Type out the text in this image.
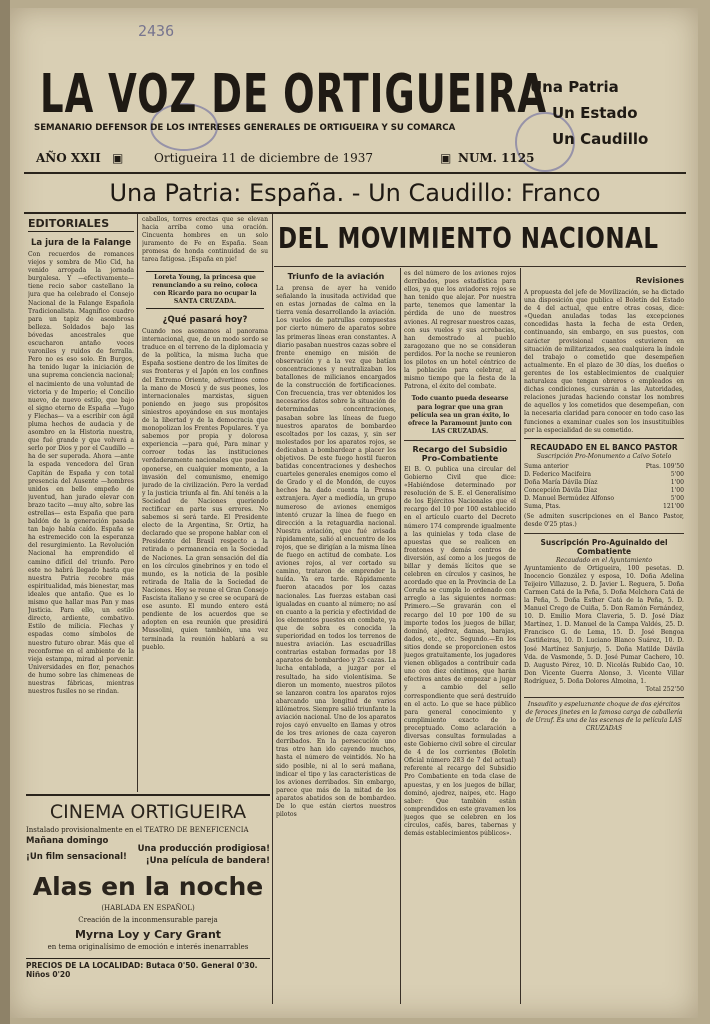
2436
LA VOZ DE ORTIGUEIRA
SEMANARIO DEFENSOR DE LOS INTERESES GENERALES DE ORTIGUEIRA Y SU COMARCA
Una Patria
Un Estado
Un Caudillo
AÑO XXII ▣	Ortigueira 11 de diciembre de 1937	▣ NUM. 1125
Una Patria: España. - Un Caudillo: Franco
EDITORIALES
La jura de la Falange
Con recuerdos de romances viejos y sombra de Mio Cid, ha venido arropada la jornada burgalesa. Y —efectivamente— tiene recio sabor castellano la jura que ha celebrado el Consejo Nacional de la Falange Española Tradicionalista. Magnífico cuadro para un tapiz de asombrosa belleza. Soldados bajo las bóvedas ancestrales que escucharon antaño voces varoniles y ruidos de ferralla. Pero no es eso solo. En Burgos, ha tenido lugar la iniciación de una suprema conciencia nacional; el nacimiento de una voluntad de victoria y de Imperio; el Concilio nuevo, de nuevo estilo, que bajo el signo eterno de España —Yugo y Flechas— va a escribir con ágil pluma hechos de audacia y de asombro en la Historia nuestra, que fué grande y que volverá a serlo por Dios y por el Caudillo —ha de ser superada. Ahora —ante la espada vencedora del Gran Capitán de España y con total presencia del Ausente —hombres unidos en bello empeño de juventud, han jurado elevar con brazo tacito —muy alto, sobre las estrellas— esta España que para baldón de la generación pasada tan bajo había caído. España se ha estremecido con la esperanza del resurgimiento. La Revolución Nacional ha emprendido el camino difícil del triunfo. Pero este no habrá llegado hasta que nuestra Patria recobre más espiritualidad, más bienestar, mas ideales que antaño. Que es lo mismo que hallar mas Pan y mas Justicia. Para ello, un estilo directo, ardiente, combativo. Estilo de milicia. Flechas y espadas como símbolos de nuestro futuro obrar. Más que el reconforme en el ambiente de la vieja estampa, mirad al porvenir. Universidades en flor, penachos de humo sobre las chimeneas de nuestras fábricas, mientras nuestros fusiles no se rindan.
caballos, torres erectas que se elevan hacia arriba como una oración. Cincuenta hombres en un solo juramento de Fe en España. Sean promesa de honda continuidad de su tarea fatigosa. ¡España en pie!
Loreta Young, la princesa que renunciando a su reino, coloca con Ricardo para no ocupar la SANTA CRUZADA.
¿Qué pasará hoy?
Cuando nos asomamos al panorama internacional, que, de un modo sordo se traduce en el terreno de la diplomacia y de la política, la misma lucha que España sostiene dentro de los límites de sus fronteras y el Japón en los confines del Extremo Oriente, advertimos como la mano de Moscú y de sus peones, los internacionales marxistas, siguen poniendo en juego sus propósitos siniestros apoyándose en sus montajes de la libertad y de la democracia que monopolizan los Frentes Populares. Y ya sabemos por propia y dolorosa experiencia —para qué, Para minar y corroer todas las instituciones verdaderamente nacionales que puedan oponerse, en cualquier momento, a la invasión del comunismo, enemigo jurado de la civilización. Pero la verdad y la justicia triunfa al fin. Ahí tenéis a la Sociedad de Naciones queriendo rectificar en parte sus errores. No sabemos si será tarde. El Presidente electo de la Argentina, Sr. Ortiz, ha declarado que se propone hablar con el Presidente del Brasil respecto a la retirada o permanencia en la Sociedad de Naciones. La gran sensación del día en los círculos ginebrinos y en todo el mundo, es la noticia de la posible retirada de Italia de la Sociedad de Naciones. Hoy se reune el Gran Consejo Fascista italiano y se cree se ocupará de ese asunto. El mundo entero está pendiente de los acuerdos que se adopten en esa reunión que presidirá Mussolini, quien también, una vez terminada la reunión hablará a su pueblo.
DEL MOVIMIENTO NACIONAL
Triunfo de la aviación
La prensa de ayer ha venido señalando la inusitada actividad que en estas jornadas de calma en la tierra venía desarrollando la aviación. Los vuelos de patrullas compuestas por cierto número de aparatos sobre las primeras líneas eran constantes. A diario pasaban nuestros cazas sobre el frente enemigo en misión de observación y a la vez que batían concentraciones y neutralizaban los batallones de milicianos encargados de la construcción de fortificaciones. Con frecuencia, tras ver obtenidos los necesarios datos sobre la situación de determinadas concentraciones, pasaban sobre las líneas de fuego nuestros aparatos de bombardeo escoltados por los cazas, y, sin ser molestados por los aparatos rojos, se dedicaban a bombardear a placer los objetivos. De este fuego hostil fueron batidas concentraciones y deshechos cuarteles generales enemigos como el de Grado y el de Mondón, de cuyos hechos ha dado cuenta la Prensa extranjera. Ayer a mediodía, un grupo numeroso de aviones enemigos intentó cruzar la línea de fuego en dirección a la retaguardia nacional. Nuestra aviación, que fué avisada rápidamente, salió al encuentro de los rojos, que se dirigían a la misma línea de fuego en actitud de combate. Los aviones rojos, al ver cortado su camino, trataron de emprender la huída. Ya era tarde. Rápidamente fueron atacados por los cazas nacionales. Las fuerzas estaban casi igualadas en cuanto al número; no así en cuanto a la pericia y efectividad de los elementos puestos en combate, ya que de sobra es conocida la superioridad en todos los terrenos de nuestra aviación. Las escuadrillas contrarias estaban formadas por 18 aparatos de bombardeo y 25 cazas. La lucha entablada, a juzgar por el resultado, ha sido violentísima. Se dieron un momento, nuestros pilotos se lanzaron contra los aparatos rojos abarcando una longitud de varios kilómetros. Siempre salió triunfante la aviación nacional. Uno de los aparatos rojos cayó envuelto en llamas y otros de los tres aviones de caza cayeron derribados. En la persecución uno tras otro han ido cayendo muchos, hasta el número de veintidós. No ha sido posible, ni al lo será mañana, indicar el tipo y las características de los aviones derribados. Sin embargo, parece que más de la mitad de los aparatos abatidos son de bombardeo. De lo que están ciertos nuestros pilotos
es del número de los aviones rojos derribados, pues estadística para ellos, ya que los aviadores rojos se han tenido que alejar. Por nuestra parte, tenemos que lamentar la pérdida de uno de nuestros aviones. Al regresar nuestros cazas, con sus vuelos y sus acrobacias, han demostrado al pueblo zaragozano que no se consideran perdidos. Por la noche se reunieron los pilotos en un hotel céntrico de la población para celebrar, al mismo tiempo que la fiesta de la Patrona, el éxito del combate.
Todo cuanto pueda desearse para lograr que una gran película sea un gran éxito, lo ofrece la Paramount junto con LAS CRUZADAS.
Recargo del Subsidio Pro-Combatiente
El B. O. publica una circular del Gobierno Civil que dice: «Habiéndose determinado por resolución de S. E. el Generalísimo de los Ejércitos Nacionales que el recargo del 10 por 100 establecido en el artículo cuarto del Decreto número 174 comprende igualmente a las quinielas y toda clase de apuestas que se realicen en frontones y demás centros de diversión, así como a los juegos de billar y demás lícitos que se celebren en círculos y casinos, he acordado que en la Provincia de La Coruña se cumpla lo ordenado con arreglo a las siguientes normas: Primero.—Se gravarán con el recargo del 10 por 100 de su importe todos los juegos de billar, dominó, ajedrez, damas, barajas, dados, etc., etc. Segundo.—En los sitios donde se proporcionen estos juegos gratuitamente, los jugadores vienen obligados a contribuir cada uno con diez céntimos, que harán efectivos antes de empezar a jugar y a cambio del sello correspondiente que será destruído en el acto. Lo que se hace público para general conocimiento y cumplimiento exacto de lo preceptuado. Como aclaración a diversas consultas formuladas a este Gobierno civil sobre el circular de 4 de los corrientes (Boletín Oficial número 283 de 7 del actual) referente al recargo del Subsidio Pro Combatiente en toda clase de apuestas, y en los juegos de billar, dominó, ajedrez, naipes, etc. Hago saber: Que también están comprendidos en este gravamen los juegos que se celebren en los círculos, cafés, bares, tabernas y demás establecimientos públicos».
Revisiones
A propuesta del jefe de Movilización, se ha dictado una disposición que publica el Boletín del Estado de 4 del actual, que entre otras cosas, dice: «Quedan anuladas todas las excepciones concedidas hasta la fecha de esta Orden, continuando, sin embargo, en sus puestos, con carácter provisional cuantos estuvieren en situación de militarizados, sea cualquiera la índole del trabajo o cometido que desempeñen actualmente. En el plazo de 30 días, los dueños o gerentes de los establecimientos de cualquier naturaleza que tengan obreros o empleados en dichas condiciones, cursarán a las Autoridades, relaciones juradas haciendo constar los nombres de aquellos y los cometidos que desempeñan, con la necesaria claridad para conocer en todo caso las funciones a examinar cuales son los insustituibles por la especialidad de su cometido.
RECAUDADO EN EL BANCO PASTOR
Suscripción Pro-Monumento a Calvo Sotelo
Suma anterior	Ptas. 109'50
D. Federico Macifeira	5'00
Doña María Dávila Díaz	1'00
Concepción Dávila Díaz	1'00
D. Manuel Bermúdez Alfonso	5'00
Suma, Ptas.	121'00
(Se admiten suscripciones en el Banco Pastor, desde 0'25 ptas.)
Suscripción Pro-Aguinaldo del Combatiente
Recaudado en el Ayuntamiento
Ayuntamiento de Ortigueira, 100 pesetas. D. Inocencio González y esposa, 10. Doña Adelina Teijeiro Villazuso, 2. D. Javier L. Reguera, 5. Doña Carmen Catá de la Peña, 5. Doña Melchora Catá de la Peña, 5. Doña Esther Catá de la Peña, 5. D. Manuel Crego de Cuiña, 5. Don Ramón Fernández, 10. D. Emilio Mora Claveria, 5. D. José Díaz Martínez, 1. D. Manuel de la Campa Valdés, 25. D. Francisco G. de Lema, 15. D. José Bengoa Castiñeiras, 10. D. Luciano Blanco Suárez, 10. D. José Martínez Sanjurjo, 5. Doña Matilde Dávila Vda. de Vasmonde, 5. D. José Pumar Cachero, 10. D. Augusto Pérez, 10. D. Nicolás Rubido Cao, 10. Don Vicente Guerra Alonso, 3. Vicente Villar Rodríguez, 5. Doña Dolores Almoina, 1.
Total 252'50
Insaudito y espeluznante choque de dos ejércitos de feroces jinetes en la famosa carga de caballería de Urzuf. Es una de las escenas de la película LAS CRUZADAS
CINEMA ORTIGUEIRA
Instalado provisionalmente en el TEATRO DE BENEFICENCIA
Mañana domingo
¡Un film sensacional!
Una producción prodigiosa!
¡Una película de bandera!
Alas en la noche
(HABLADA EN ESPAÑOL)
Creación de la inconmensurable pareja
Myrna Loy y Cary Grant
en tema originalísimo de emoción e interés inenarrables
PRECIOS DE LA LOCALIDAD: Butaca 0'50. General 0'30. Niños 0'20
